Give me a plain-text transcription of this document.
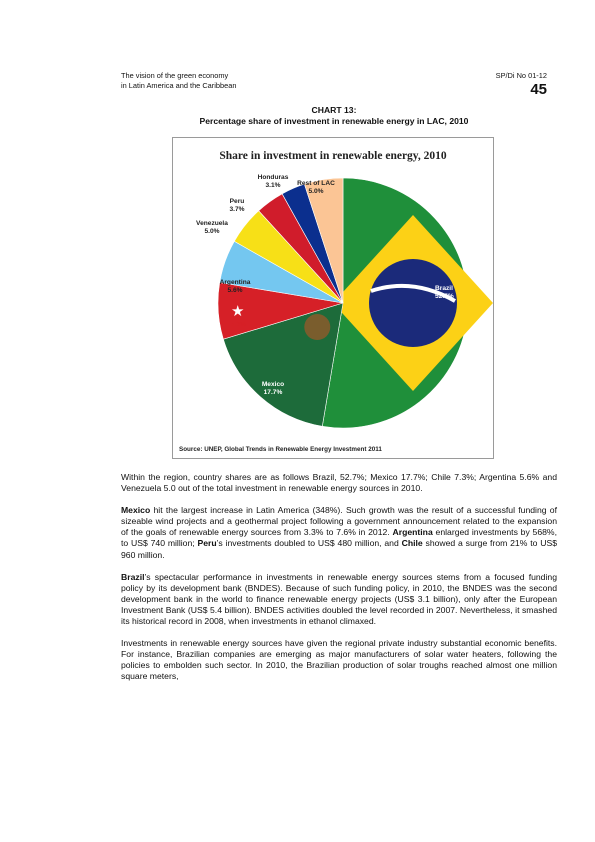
The vision of the green economy
in Latin America and the Caribbean
SP/Di No 01-12
45
CHART 13:
Percentage share of investment in renewable energy in LAC, 2010
Share in investment in renewable energy, 2010
★
Brazil 52.7%
Mexico 17.7%
7.3%
Argentina 5.6%
Venezuela 5.0%
Peru 3.7%
Honduras 3.1%	Rest of LAC 5.0%
Source: UNEP, Global Trends in Renewable Energy Investment 2011

Within the region, country shares are as follows Brazil, 52.7%; Mexico 17.7%; Chile 7.3%; Argentina 5.6% and Venezuela 5.0 out of the total investment in renewable energy sources in 2010.

Mexico hit the largest increase in Latin America (348%). Such growth was the result of a successful funding of sizeable wind projects and a geothermal project following a government announcement related to the expansion of the goals of renewable energy sources from 3.3% to 7.6% in 2012. Argentina enlarged investments by 568%, to US$ 740 million; Peru’s investments doubled to US$ 480 million, and Chile showed a surge from 21% to US$ 960 million.

Brazil’s spectacular performance in investments in renewable energy sources stems from a focused funding policy by its development bank (BNDES). Because of such funding policy, in 2010, the BNDES was the second development bank in the world to finance renewable energy projects (US$ 3.1 billion), only after the European Investment Bank (US$ 5.4 billion). BNDES activities doubled the level recorded in 2007. Nevertheless, it smashed its historical record in 2008, when investments in ethanol climaxed.

Investments in renewable energy sources have given the regional private industry substantial economic benefits. For instance, Brazilian companies are emerging as major manufacturers of solar water heaters, following the policies to embolden such sector. In 2010, the Brazilian production of solar troughs reached almost one million square meters,
